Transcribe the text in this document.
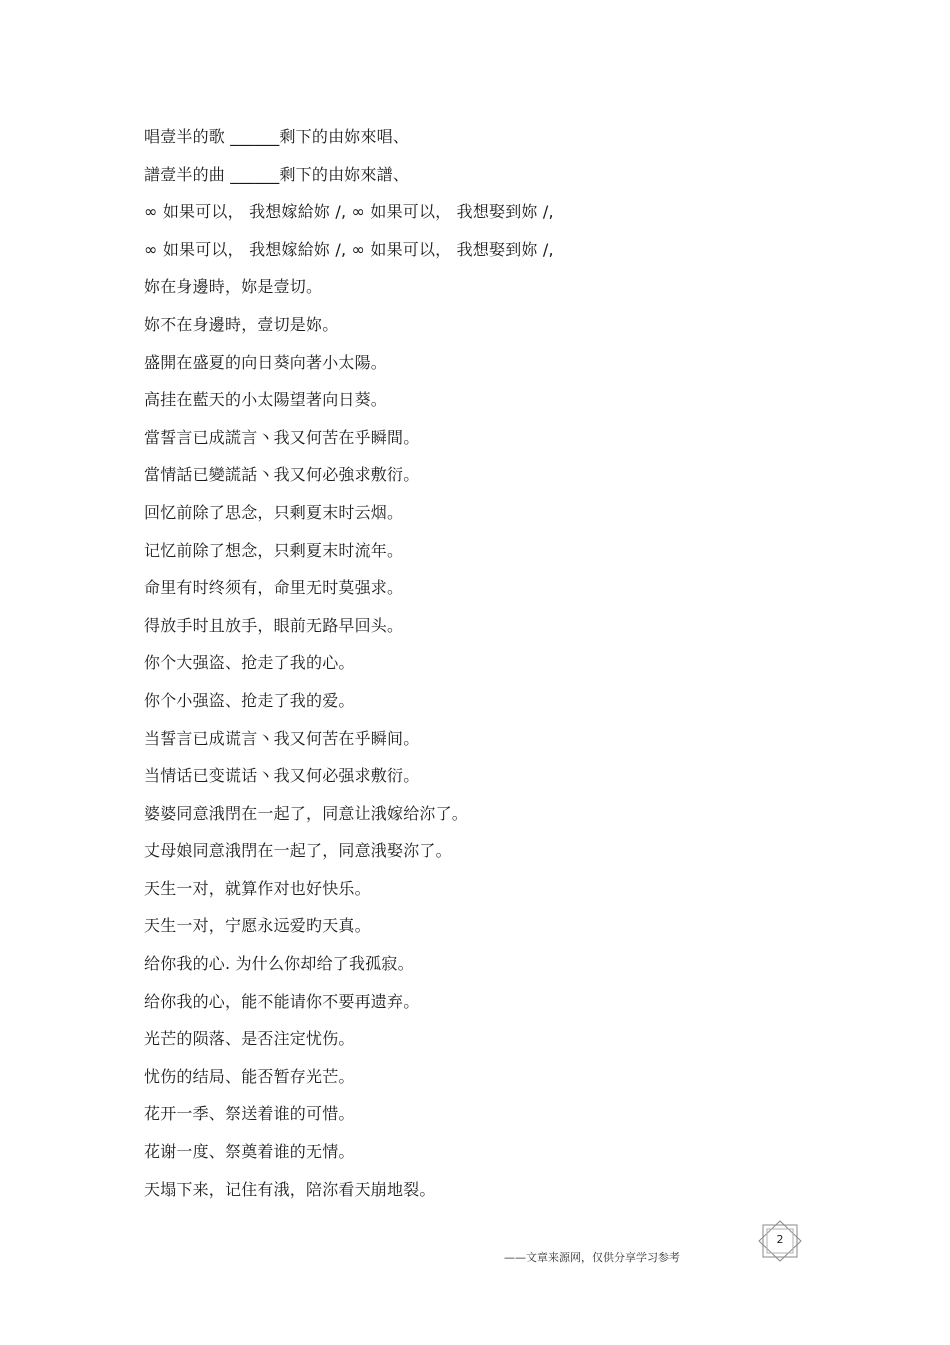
唱壹半的歌 ______剩下的由妳來唱、
譜壹半的曲 ______剩下的由妳來譜、
∞ 如果可以， 我想嫁給妳 /, ∞ 如果可以， 我想娶到妳 /,
∞ 如果可以， 我想嫁給妳 /, ∞ 如果可以， 我想娶到妳 /,
妳在身邊時，妳是壹切。
妳不在身邊時，壹切是妳。
盛開在盛夏的向日葵向著小太陽。
高挂在藍天的小太陽望著向日葵。
當誓言已成謊言丶我又何苦在乎瞬間。
當情話已變謊話丶我又何必強求敷衍。
回忆前除了思念，只剩夏末时云烟。
记忆前除了想念，只剩夏末时流年。
命里有时终须有，命里无时莫强求。
得放手时且放手，眼前无路早回头。
你个大强盗、抢走了我的心。
你个小强盗、抢走了我的爱。
当誓言已成谎言丶我又何苦在乎瞬间。
当情话已变谎话丶我又何必强求敷衍。
婆婆同意涐閅在一起了，同意让涐嫁给沵了。
丈母娘同意涐閅在一起了，同意涐娶沵了。
天生一对，就算作对也好快乐。
天生一对，宁愿永远爱旳天真。
给你我的心. 为什么你却给了我孤寂。
给你我的心，能不能请你不要再遗弃。
光芒的陨落、是否注定忧伤。
忧伤的结局、能否暂存光芒。
花开一季、祭送着谁的可惜。
花谢一度、祭奠着谁的无情。
天塌下来，记住有涐，陪沵看天崩地裂。
——文章来源网，仅供分享学习参考
2
